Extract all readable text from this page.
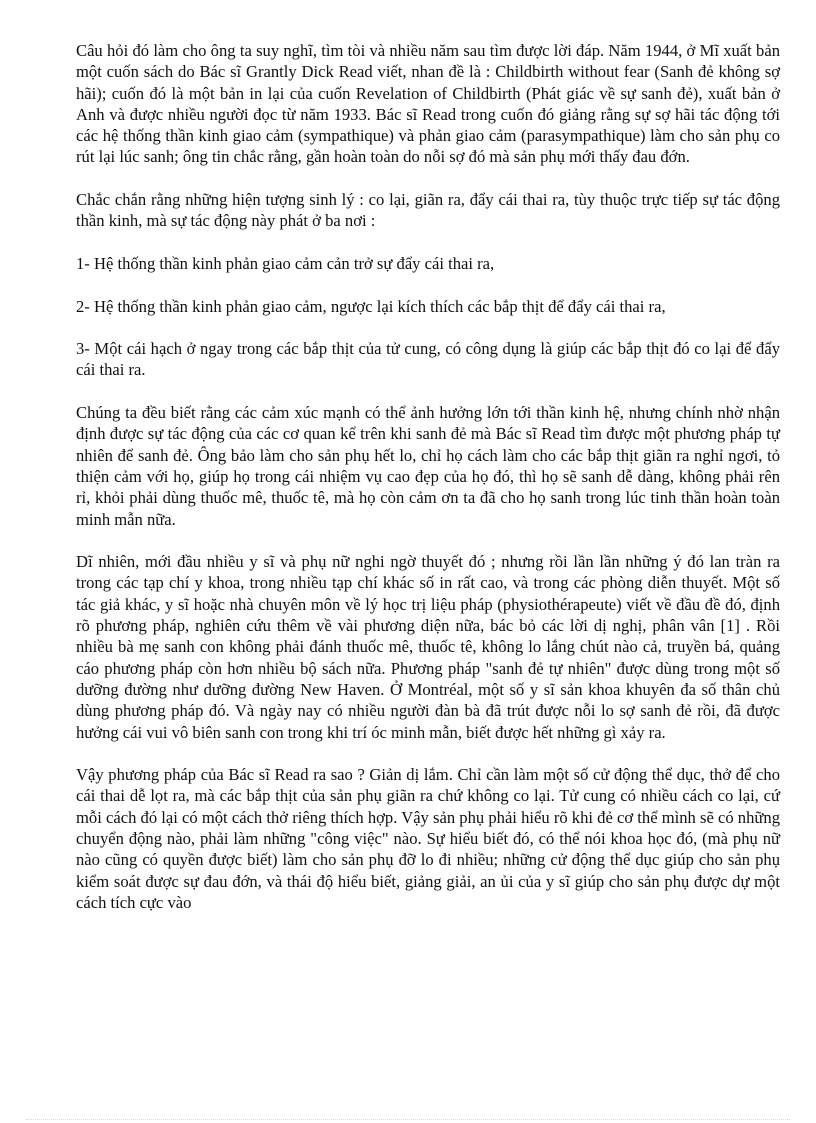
Câu hỏi đó làm cho ông ta suy nghĩ, tìm tòi và nhiều năm sau tìm được lời đáp. Năm 1944, ở Mĩ xuất bản một cuốn sách do Bác sĩ Grantly Dick Read viết, nhan đề là : Childbirth without fear (Sanh đẻ không sợ hãi); cuốn đó là một bản in lại của cuốn Revelation of Childbirth (Phát giác về sự sanh đẻ), xuất bản ở Anh và được nhiều người đọc từ năm 1933. Bác sĩ Read trong cuốn đó giảng rằng sự sợ hãi tác động tới các hệ thống thần kinh giao cảm (sympathique) và phản giao cảm (parasympathique) làm cho sản phụ co rút lại lúc sanh; ông tin chắc rằng, gần hoàn toàn do nỗi sợ đó mà sản phụ mới thấy đau đớn.

Chắc chắn rằng những hiện tượng sinh lý : co lại, giãn ra, đẩy cái thai ra, tùy thuộc trực tiếp sự tác động thần kinh, mà sự tác động này phát ở ba nơi :

1- Hệ thống thần kinh phản giao cảm cản trở sự đẩy cái thai ra,

2- Hệ thống thần kinh phản giao cảm, ngược lại kích thích các bắp thịt để đẩy cái thai ra,

3- Một cái hạch ở ngay trong các bắp thịt của tử cung, có công dụng là giúp các bắp thịt đó co lại để đẩy cái thai ra.

Chúng ta đều biết rằng các cảm xúc mạnh có thể ảnh hưởng lớn tới thần kinh hệ, nhưng chính nhờ nhận định được sự tác động của các cơ quan kể trên khi sanh đẻ mà Bác sĩ Read tìm được một phương pháp tự nhiên để sanh đẻ. Ông bảo làm cho sản phụ hết lo, chỉ họ cách làm cho các bắp thịt giãn ra nghỉ ngơi, tỏ thiện cảm với họ, giúp họ trong cái nhiệm vụ cao đẹp của họ đó, thì họ sẽ sanh dễ dàng, không phải rên rỉ, khỏi phải dùng thuốc mê, thuốc tê, mà họ còn cảm ơn ta đã cho họ sanh trong lúc tinh thần hoàn toàn minh mẫn nữa.

Dĩ nhiên, mới đầu nhiều y sĩ và phụ nữ nghi ngờ thuyết đó ; nhưng rồi lần lần những ý đó lan tràn ra trong các tạp chí y khoa, trong nhiều tạp chí khác số in rất cao, và trong các phòng diễn thuyết. Một số tác giả khác, y sĩ hoặc nhà chuyên môn về lý học trị liệu pháp (physiothérapeute) viết về đầu đề đó, định rõ phương pháp, nghiên cứu thêm về vài phương diện nữa, bác bỏ các lời dị nghị, phân vân [1] . Rồi nhiều bà mẹ sanh con không phải đánh thuốc mê, thuốc tê, không lo lắng chút nào cả, truyền bá, quảng cáo phương pháp còn hơn nhiều bộ sách nữa. Phương pháp "sanh đẻ tự nhiên" được dùng trong một số dưỡng đường như dưỡng đường New Haven. Ở Montréal, một số y sĩ sản khoa khuyên đa số thân chủ dùng phương pháp đó. Và ngày nay có nhiều người đàn bà đã trút được nỗi lo sợ sanh đẻ rồi, đã được hưởng cái vui vô biên sanh con trong khi trí óc minh mẫn, biết được hết những gì xảy ra.

Vậy phương pháp của Bác sĩ Read ra sao ? Giản dị lắm. Chỉ cần làm một số cử động thể dục, thở để cho cái thai dễ lọt ra, mà các bắp thịt của sản phụ giãn ra chứ không co lại. Tử cung có nhiều cách co lại, cứ mỗi cách đó lại có một cách thở riêng thích hợp. Vậy sản phụ phải hiểu rõ khi đẻ cơ thể mình sẽ có những chuyển động nào, phải làm những "công việc" nào. Sự hiểu biết đó, có thể nói khoa học đó, (mà phụ nữ nào cũng có quyền được biết) làm cho sản phụ đỡ lo đi nhiều; những cử động thể dục giúp cho sản phụ kiểm soát được sự đau đớn, và thái độ hiểu biết, giảng giải, an ủi của y sĩ giúp cho sản phụ được dự một cách tích cực vào
